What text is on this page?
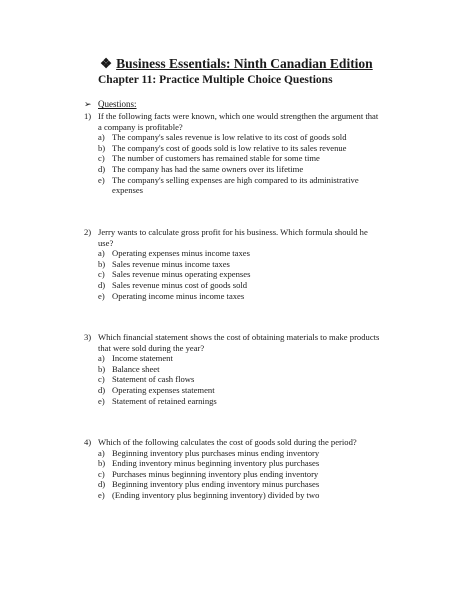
❖ Business Essentials: Ninth Canadian Edition
Chapter 11: Practice Multiple Choice Questions
➢ Questions:
1) If the following facts were known, which one would strengthen the argument that
a company is profitable?
a) The company's sales revenue is low relative to its cost of goods sold
b) The company's cost of goods sold is low relative to its sales revenue
c) The number of customers has remained stable for some time
d) The company has had the same owners over its lifetime
e) The company's selling expenses are high compared to its administrative
expenses
2) Jerry wants to calculate gross profit for his business. Which formula should he
use?
a) Operating expenses minus income taxes
b) Sales revenue minus income taxes
c) Sales revenue minus operating expenses
d) Sales revenue minus cost of goods sold
e) Operating income minus income taxes
3) Which financial statement shows the cost of obtaining materials to make products
that were sold during the year?
a) Income statement
b) Balance sheet
c) Statement of cash flows
d) Operating expenses statement
e) Statement of retained earnings
4) Which of the following calculates the cost of goods sold during the period?
a) Beginning inventory plus purchases minus ending inventory
b) Ending inventory minus beginning inventory plus purchases
c) Purchases minus beginning inventory plus ending inventory
d) Beginning inventory plus ending inventory minus purchases
e) (Ending inventory plus beginning inventory) divided by two
